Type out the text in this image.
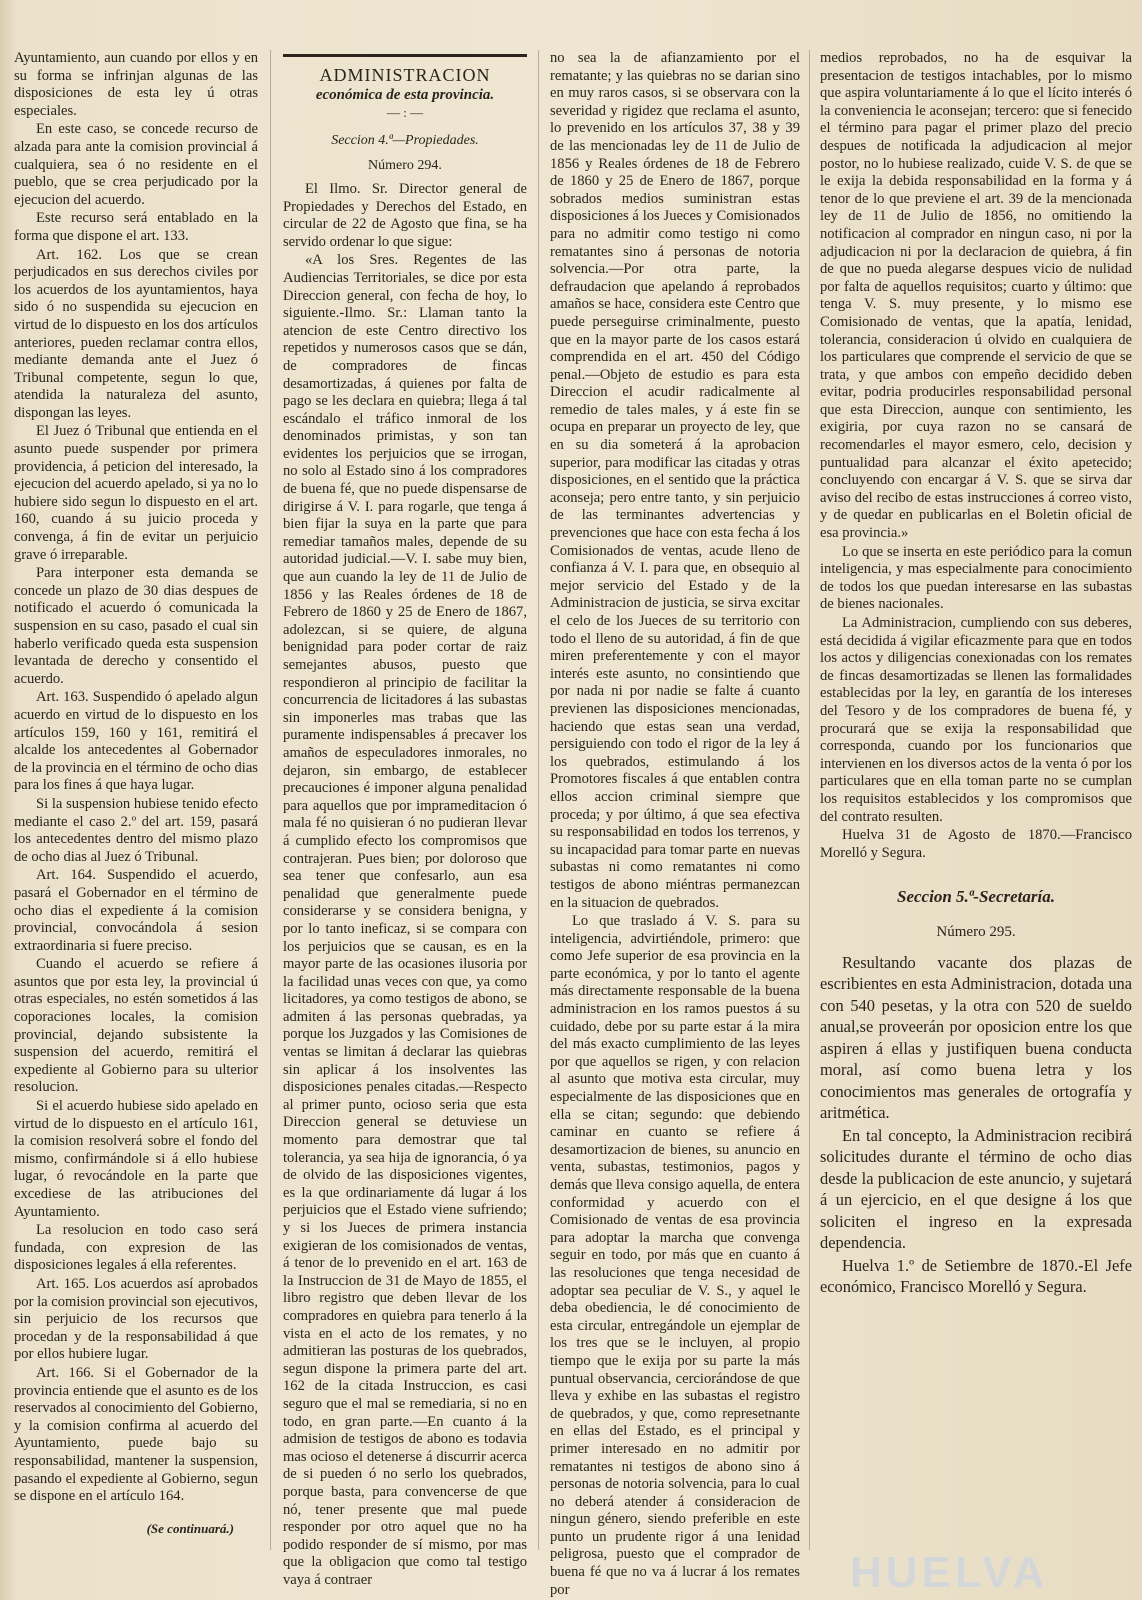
Ayuntamiento, aun cuando por ellos y en su forma se infrinjan algunas de las disposiciones de esta ley ú otras especiales.

En este caso, se concede recurso de alzada para ante la comision provincial á cualquiera, sea ó no residente en el pueblo, que se crea perjudicado por la ejecucion del acuerdo.

Este recurso será entablado en la forma que dispone el art. 133.

Art. 162. Los que se crean perjudicados en sus derechos civiles por los acuerdos de los ayuntamientos, haya sido ó no suspendida su ejecucion en virtud de lo dispuesto en los dos artículos anteriores, pueden reclamar contra ellos, mediante demanda ante el Juez ó Tribunal competente, segun lo que, atendida la naturaleza del asunto, dispongan las leyes.

El Juez ó Tribunal que entienda en el asunto puede suspender por primera providencia, á peticion del interesado, la ejecucion del acuerdo apelado, si ya no lo hubiere sido segun lo dispuesto en el art. 160, cuando á su juicio proceda y convenga, á fin de evitar un perjuicio grave ó irreparable.

Para interponer esta demanda se concede un plazo de 30 dias despues de notificado el acuerdo ó comunicada la suspension en su caso, pasado el cual sin haberlo verificado queda esta suspension levantada de derecho y consentido el acuerdo.

Art. 163. Suspendido ó apelado algun acuerdo en virtud de lo dispuesto en los artículos 159, 160 y 161, remitirá el alcalde los antecedentes al Gobernador de la provincia en el término de ocho dias para los fines á que haya lugar.

Si la suspension hubiese tenido efecto mediante el caso 2.º del art. 159, pasará los antecedentes dentro del mismo plazo de ocho dias al Juez ó Tribunal.

Art. 164. Suspendido el acuerdo, pasará el Gobernador en el término de ocho dias el expediente á la comision provincial, convocándola á sesion extraordinaria si fuere preciso.

Cuando el acuerdo se refiere á asuntos que por esta ley, la provincial ú otras especiales, no estén sometidos á las coporaciones locales, la comision provincial, dejando subsistente la suspension del acuerdo, remitirá el expediente al Gobierno para su ulterior resolucion.

Si el acuerdo hubiese sido apelado en virtud de lo dispuesto en el artículo 161, la comision resolverá sobre el fondo del mismo, confirmándole si á ello hubiese lugar, ó revocándole en la parte que excediese de las atribuciones del Ayuntamiento.

La resolucion en todo caso será fundada, con expresion de las disposiciones legales á ella referentes.

Art. 165. Los acuerdos así aprobados por la comision provincial son ejecutivos, sin perjuicio de los recursos que procedan y de la responsabilidad á que por ellos hubiere lugar.

Art. 166. Si el Gobernador de la provincia entiende que el asunto es de los reservados al conocimiento del Gobierno, y la comision confirma al acuerdo del Ayuntamiento, puede bajo su responsabilidad, mantener la suspension, pasando el expediente al Gobierno, segun se dispone en el artículo 164.

(Se continuará.)
ADMINISTRACION
económica de esta provincia.
— : —
Seccion 4.ª—Propiedades.
Número 294.

El Ilmo. Sr. Director general de Propiedades y Derechos del Estado, en circular de 22 de Agosto que fina, se ha servido ordenar lo que sigue:

«A los Sres. Regentes de las Audiencias Territoriales, se dice por esta Direccion general, con fecha de hoy, lo siguiente.-Ilmo. Sr.: Llaman tanto la atencion de este Centro directivo los repetidos y numerosos casos que se dán, de compradores de fincas desamortizadas, á quienes por falta de pago se les declara en quiebra; llega á tal escándalo el tráfico inmoral de los denominados primistas, y son tan evidentes los perjuicios que se irrogan, no solo al Estado sino á los compradores de buena fé, que no puede dispensarse de dirigirse á V. I. para rogarle, que tenga á bien fijar la suya en la parte que para remediar tamaños males, depende de su autoridad judicial.—V. I. sabe muy bien, que aun cuando la ley de 11 de Julio de 1856 y las Reales órdenes de 18 de Febrero de 1860 y 25 de Enero de 1867, adolezcan, si se quiere, de alguna benignidad para poder cortar de raiz semejantes abusos, puesto que respondieron al principio de facilitar la concurrencia de licitadores á las subastas sin imponerles mas trabas que las puramente indispensables á precaver los amaños de especuladores inmorales, no dejaron, sin embargo, de establecer precauciones é imponer alguna penalidad para aquellos que por imprameditacion ó mala fé no quisieran ó no pudieran llevar á cumplido efecto los compromisos que contrajeran. Pues bien; por doloroso que sea tener que confesarlo, aun esa penalidad que generalmente puede considerarse y se considera benigna, y por lo tanto ineficaz, si se compara con los perjuicios que se causan, es en la mayor parte de las ocasiones ilusoria por la facilidad unas veces con que, ya como licitadores, ya como testigos de abono, se admiten á las personas quebradas, ya porque los Juzgados y las Comisiones de ventas se limitan á declarar las quiebras sin aplicar á los insolventes las disposiciones penales citadas.—Respecto al primer punto, ocioso seria que esta Direccion general se detuviese un momento para demostrar que tal tolerancia, ya sea hija de ignorancia, ó ya de olvido de las disposiciones vigentes, es la que ordinariamente dá lugar á los perjuicios que el Estado viene sufriendo; y si los Jueces de primera instancia exigieran de los comisionados de ventas, á tenor de lo prevenido en el art. 163 de la Instruccion de 31 de Mayo de 1855, el libro registro que deben llevar de los compradores en quiebra para tenerlo á la vista en el acto de los remates, y no admitieran las posturas de los quebrados, segun dispone la primera parte del art. 162 de la citada Instruccion, es casi seguro que el mal se remediaria, si no en todo, en gran parte.—En cuanto á la admision de testigos de abono es todavia mas ocioso el detenerse á discurrir acerca de si pueden ó no serlo los quebrados, porque basta, para convencerse de que nó, tener presente que mal puede responder por otro aquel que no ha podido responder de sí mismo, por mas que la obligacion que como tal testigo vaya á contraer

no sea la de afianzamiento por el rematante; y las quiebras no se darian sino en muy raros casos, si se observara con la severidad y rigidez que reclama el asunto, lo prevenido en los artículos 37, 38 y 39 de las mencionadas ley de 11 de Julio de 1856 y Reales órdenes de 18 de Febrero de 1860 y 25 de Enero de 1867, porque sobrados medios suministran estas disposiciones á los Jueces y Comisionados para no admitir como testigo ni como rematantes sino á personas de notoria solvencia.—Por otra parte, la defraudacion que apelando á reprobados amaños se hace, considera este Centro que puede perseguirse criminalmente, puesto que en la mayor parte de los casos estará comprendida en el art. 450 del Código penal.—Objeto de estudio es para esta Direccion el acudir radicalmente al remedio de tales males, y á este fin se ocupa en preparar un proyecto de ley, que en su dia someterá á la aprobacion superior, para modificar las citadas y otras disposiciones, en el sentido que la práctica aconseja; pero entre tanto, y sin perjuicio de las terminantes advertencias y prevenciones que hace con esta fecha á los Comisionados de ventas, acude lleno de confianza á V. I. para que, en obsequio al mejor servicio del Estado y de la Administracion de justicia, se sirva excitar el celo de los Jueces de su territorio con todo el lleno de su autoridad, á fin de que miren preferentemente y con el mayor interés este asunto, no consintiendo que por nada ni por nadie se falte á cuanto previenen las disposiciones mencionadas, haciendo que estas sean una verdad, persiguiendo con todo el rigor de la ley á los quebrados, estimulando á los Promotores fiscales á que entablen contra ellos accion criminal siempre que proceda; y por último, á que sea efectiva su responsabilidad en todos los terrenos, y su incapacidad para tomar parte en nuevas subastas ni como rematantes ni como testigos de abono miéntras permanezcan en la situacion de quebrados.

Lo que traslado á V. S. para su inteligencia, advirtiéndole, primero: que como Jefe superior de esa provincia en la parte económica, y por lo tanto el agente más directamente responsable de la buena administracion en los ramos puestos á su cuidado, debe por su parte estar á la mira del más exacto cumplimiento de las leyes por que aquellos se rigen, y con relacion al asunto que motiva esta circular, muy especialmente de las disposiciones que en ella se citan; segundo: que debiendo caminar en cuanto se refiere á desamortizacion de bienes, su anuncio en venta, subastas, testimonios, pagos y demás que lleva consigo aquella, de entera conformidad y acuerdo con el Comisionado de ventas de esa provincia para adoptar la marcha que convenga seguir en todo, por más que en cuanto á las resoluciones que tenga necesidad de adoptar sea peculiar de V. S., y aquel le deba obediencia, le dé conocimiento de esta circular, entregándole un ejemplar de los tres que se le incluyen, al propio tiempo que le exija por su parte la más puntual observancia, cerciorándose de que lleva y exhibe en las subastas el registro de quebrados, y que, como represetnante en ellas del Estado, es el principal y primer interesado en no admitir por rematantes ni testigos de abono sino á personas de notoria solvencia, para lo cual no deberá atender á consideracion de ningun género, siendo preferible en este punto un prudente rigor á una lenidad peligrosa, puesto que el comprador de buena fé que no va á lucrar á los remates por

medios reprobados, no ha de esquivar la presentacion de testigos intachables, por lo mismo que aspira voluntariamente á lo que el lícito interés ó la conveniencia le aconsejan; tercero: que si fenecido el término para pagar el primer plazo del precio despues de notificada la adjudicacion al mejor postor, no lo hubiese realizado, cuide V. S. de que se le exija la debida responsabilidad en la forma y á tenor de lo que previene el art. 39 de la mencionada ley de 11 de Julio de 1856, no omitiendo la notificacion al comprador en ningun caso, ni por la adjudicacion ni por la declaracion de quiebra, á fin de que no pueda alegarse despues vicio de nulidad por falta de aquellos requisitos; cuarto y último: que tenga V. S. muy presente, y lo mismo ese Comisionado de ventas, que la apatía, lenidad, tolerancia, consideracion ú olvido en cualquiera de los particulares que comprende el servicio de que se trata, y que ambos con empeño decidido deben evitar, podria producirles responsabilidad personal que esta Direccion, aunque con sentimiento, les exigiria, por cuya razon no se cansará de recomendarles el mayor esmero, celo, decision y puntualidad para alcanzar el éxito apetecido; concluyendo con encargar á V. S. que se sirva dar aviso del recibo de estas instrucciones á correo visto, y de quedar en publicarlas en el Boletin oficial de esa provincia.»

Lo que se inserta en este periódico para la comun inteligencia, y mas especialmente para conocimiento de todos los que puedan interesarse en las subastas de bienes nacionales.

La Administracion, cumpliendo con sus deberes, está decidida á vigilar eficazmente para que en todos los actos y diligencias conexionadas con los remates de fincas desamortizadas se llenen las formalidades establecidas por la ley, en garantía de los intereses del Tesoro y de los compradores de buena fé, y procurará que se exija la responsabilidad que corresponda, cuando por los funcionarios que intervienen en los diversos actos de la venta ó por los particulares que en ella toman parte no se cumplan los requisitos establecidos y los compromisos que del contrato resulten.

Huelva 31 de Agosto de 1870.—Francisco Morelló y Segura.

Seccion 5.ª-Secretaría.
Número 295.

Resultando vacante dos plazas de escribientes en esta Administracion, dotada una con 540 pesetas, y la otra con 520 de sueldo anual,se proveerán por oposicion entre los que aspiren á ellas y justifiquen buena conducta moral, así como buena letra y los conocimientos mas generales de ortografía y aritmética.

En tal concepto, la Administracion recibirá solicitudes durante el término de ocho dias desde la publicacion de este anuncio, y sujetará á un ejercicio, en el que designe á los que soliciten el ingreso en la expresada dependencia.

Huelva 1.º de Setiembre de 1870.-El Jefe económico, Francisco Morelló y Segura.

HUELVA
